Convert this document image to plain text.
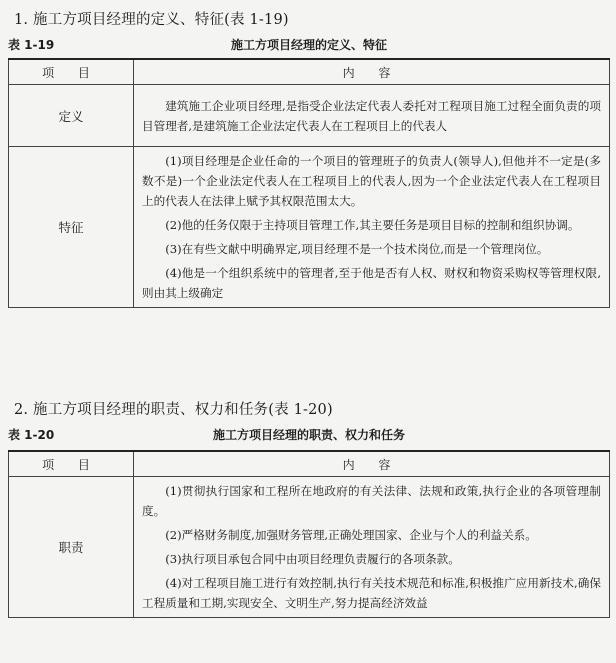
1. 施工方项目经理的定义、特征(表 1-19)
表 1-19	施工方项目经理的定义、特征
项 目	内 容
定义	建筑施工企业项目经理,是指受企业法定代表人委托对工程项目施工过程全面负责的项目管理者,是建筑施工企业法定代表人在工程项目上的代表人

特征	(1)项目经理是企业任命的一个项目的管理班子的负责人(领导人),但他并不一定是(多数不是)一个企业法定代表人在工程项目上的代表人,因为一个企业法定代表人在工程项目上的代表人在法律上赋予其权限范围太大。

(2)他的任务仅限于主持项目管理工作,其主要任务是项目目标的控制和组织协调。

(3)在有些文献中明确界定,项目经理不是一个技术岗位,而是一个管理岗位。

(4)他是一个组织系统中的管理者,至于他是否有人权、财权和物资采购权等管理权限,则由其上级确定

2. 施工方项目经理的职责、权力和任务(表 1-20)
表 1-20	施工方项目经理的职责、权力和任务
项 目	内 容
职责	(1)贯彻执行国家和工程所在地政府的有关法律、法规和政策,执行企业的各项管理制度。

(2)严格财务制度,加强财务管理,正确处理国家、企业与个人的利益关系。

(3)执行项目承包合同中由项目经理负责履行的各项条款。

(4)对工程项目施工进行有效控制,执行有关技术规范和标准,积极推广应用新技术,确保工程质量和工期,实现安全、文明生产,努力提高经济效益
